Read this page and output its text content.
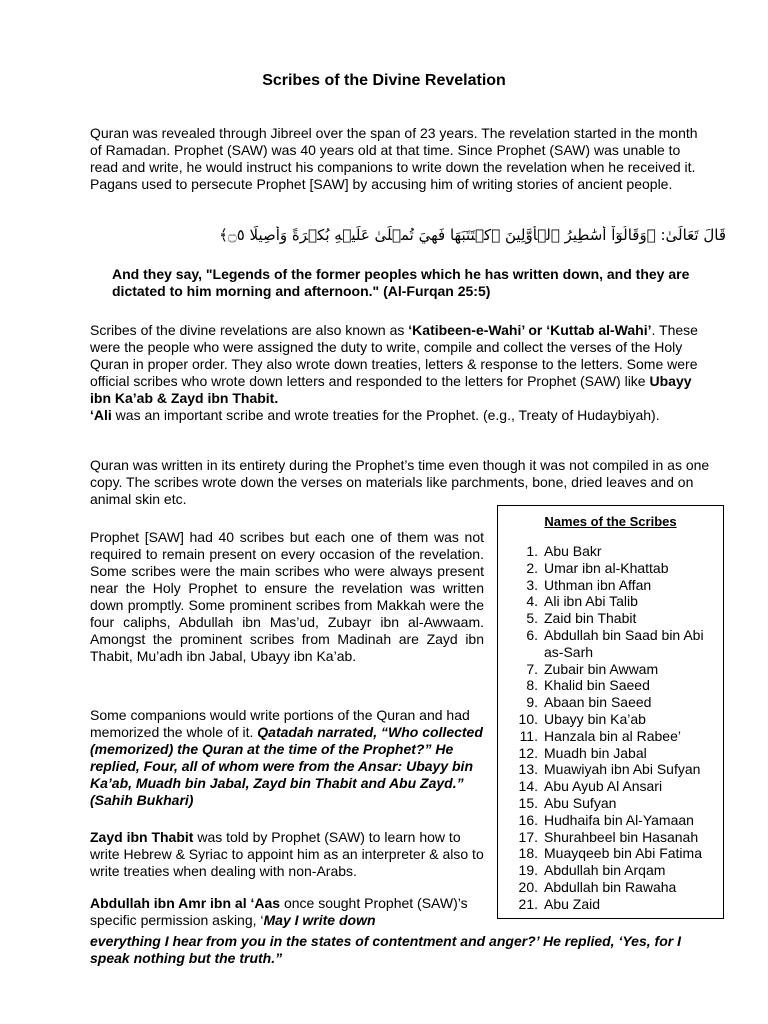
Scribes of the Divine Revelation

Quran was revealed through Jibreel over the span of 23 years. The revelation started in the month of Ramadan. Prophet (SAW) was 40 years old at that time. Since Prophet (SAW) was unable to read and write, he would instruct his companions to write down the revelation when he received it.
Pagans used to persecute Prophet [SAW] by accusing him of writing stories of ancient people.

قَالَ تَعَالَىٰ: ﴿وَقَالُوٓاْ أَسَٰطِيرُ ٱلۡأَوَّلِينَ ٱكۡتَتَبَهَا فَهِيَ تُمۡلَىٰ عَلَيۡهِ بُكۡرَةً وَأَصِيلًا ۝٥﴾

And they say, "Legends of the former peoples which he has written down, and they are dictated to him morning and afternoon." (Al-Furqan 25:5)

Scribes of the divine revelations are also known as ‘Katibeen-e-Wahi’ or ‘Kuttab al-Wahi’. These were the people who were assigned the duty to write, compile and collect the verses of the Holy Quran in proper order. They also wrote down treaties, letters & response to the letters. Some were official scribes who wrote down letters and responded to the letters for Prophet (SAW) like Ubayy ibn Ka’ab & Zayd ibn Thabit.
‘Ali was an important scribe and wrote treaties for the Prophet. (e.g., Treaty of Hudaybiyah).

Quran was written in its entirety during the Prophet’s time even though it was not compiled in as one copy. The scribes wrote down the verses on materials like parchments, bone, dried leaves and on animal skin etc.

Prophet [SAW] had 40 scribes but each one of them was not required to remain present on every occasion of the revelation. Some scribes were the main scribes who were always present near the Holy Prophet to ensure the revelation was written down promptly. Some prominent scribes from Makkah were the four caliphs, Abdullah ibn Mas’ud, Zubayr ibn al-Awwaam. Amongst the prominent scribes from Madinah are Zayd ibn Thabit, Mu’adh ibn Jabal, Ubayy ibn Ka’ab.

Some companions would write portions of the Quran and had memorized the whole of it. Qatadah narrated, “Who collected (memorized) the Quran at the time of the Prophet?” He replied, Four, all of whom were from the Ansar: Ubayy bin Ka’ab, Muadh bin Jabal, Zayd bin Thabit and Abu Zayd.” (Sahih Bukhari)

Zayd ibn Thabit was told by Prophet (SAW) to learn how to write Hebrew & Syriac to appoint him as an interpreter & also to write treaties when dealing with non-Arabs.

Abdullah ibn Amr ibn al ‘Aas once sought Prophet (SAW)’s specific permission asking, ‘May I write down

everything I hear from you in the states of contentment and anger?’ He replied, ‘Yes, for I speak nothing but the truth.”

Names of the Scribes
1. Abu Bakr
2. Umar ibn al-Khattab
3. Uthman ibn Affan
4. Ali ibn Abi Talib
5. Zaid bin Thabit
6. Abdullah bin Saad bin Abi as-Sarh
7. Zubair bin Awwam
8. Khalid bin Saeed
9. Abaan bin Saeed
10. Ubayy bin Ka’ab
11. Hanzala bin al Rabee’
12. Muadh bin Jabal
13. Muawiyah ibn Abi Sufyan
14. Abu Ayub Al Ansari
15. Abu Sufyan
16. Hudhaifa bin Al-Yamaan
17. Shurahbeel bin Hasanah
18. Muayqeeb bin Abi Fatima
19. Abdullah bin Arqam
20. Abdullah bin Rawaha
21. Abu Zaid
